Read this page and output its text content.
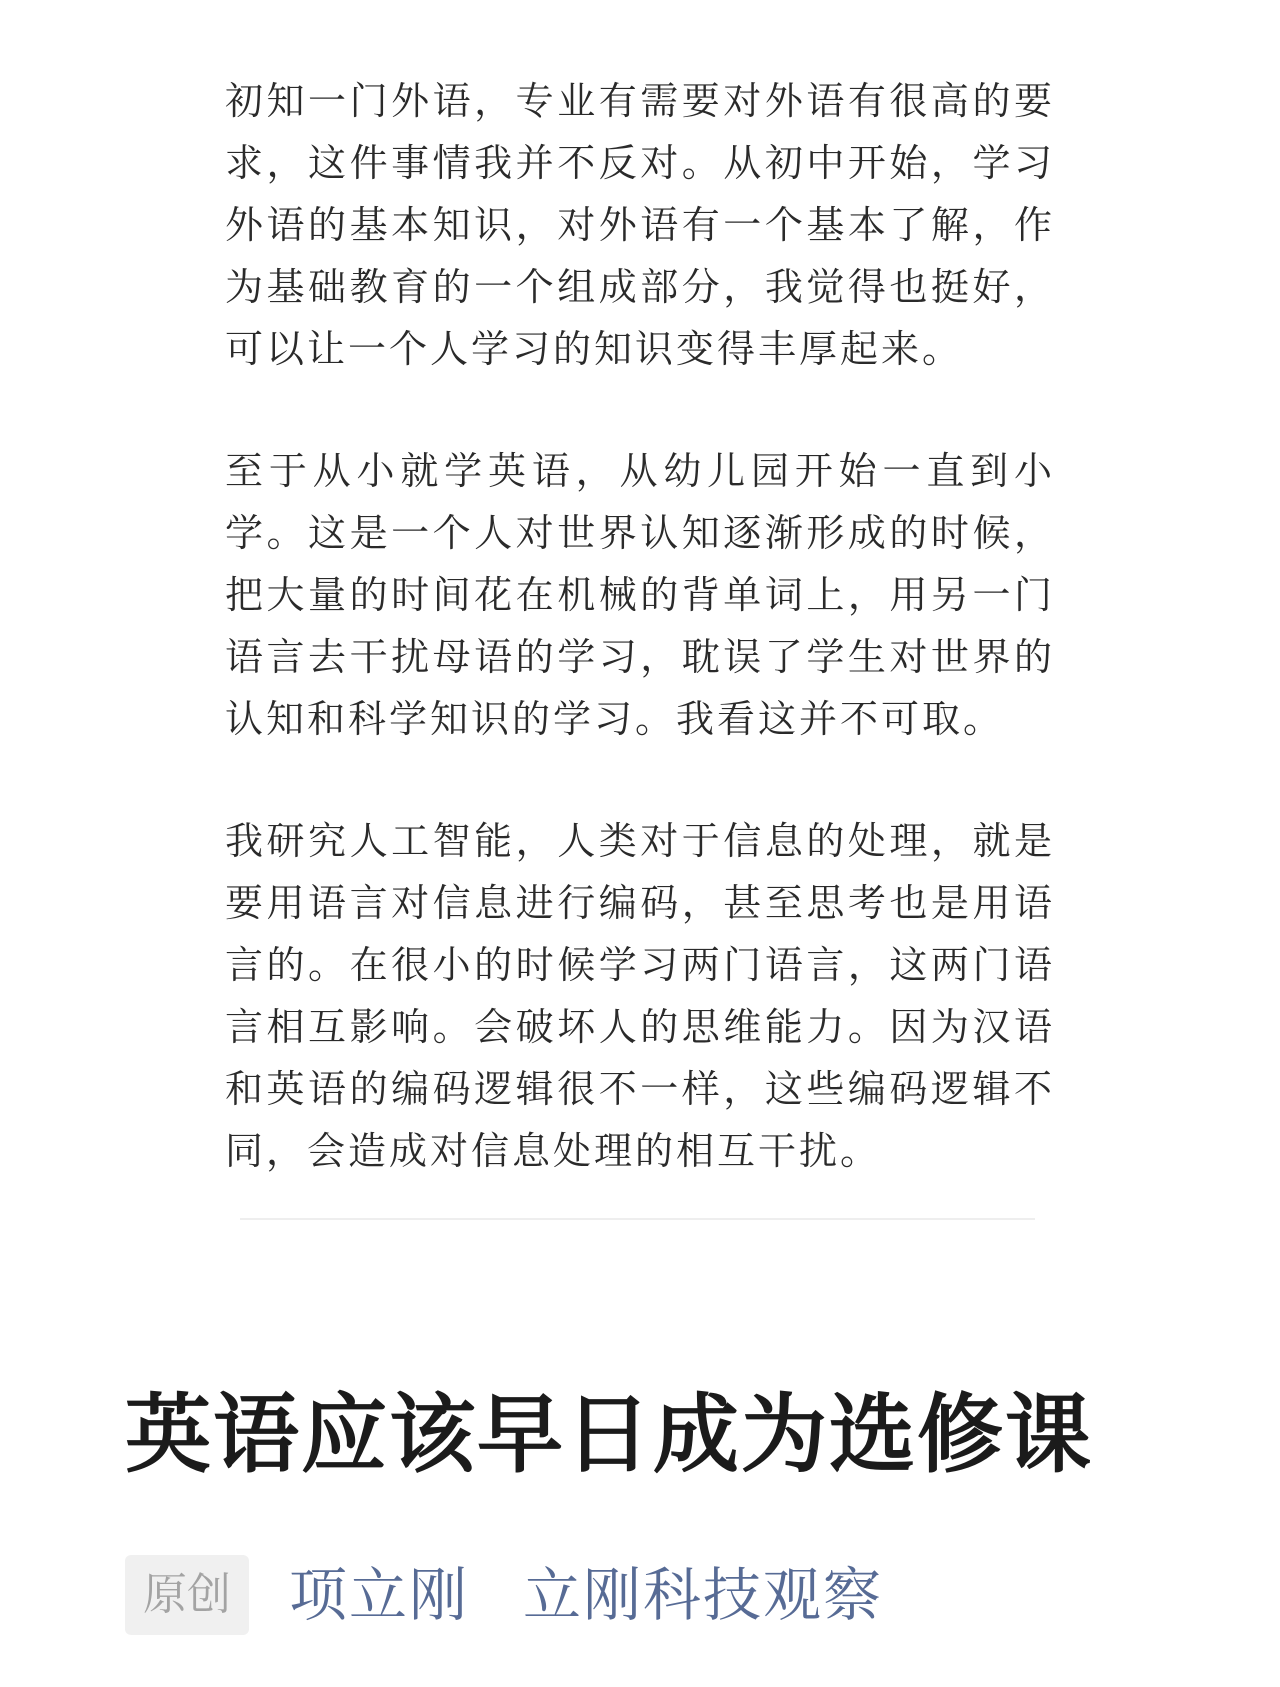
初知一门外语，专业有需要对外语有很高的要求，这件事情我并不反对。从初中开始，学习外语的基本知识，对外语有一个基本了解，作为基础教育的一个组成部分，我觉得也挺好，可以让一个人学习的知识变得丰厚起来。

至于从小就学英语，从幼儿园开始一直到小学。这是一个人对世界认知逐渐形成的时候，把大量的时间花在机械的背单词上，用另一门语言去干扰母语的学习，耽误了学生对世界的认知和科学知识的学习。我看这并不可取。

我研究人工智能，人类对于信息的处理，就是要用语言对信息进行编码，甚至思考也是用语言的。在很小的时候学习两门语言，这两门语言相互影响。会破坏人的思维能力。因为汉语和英语的编码逻辑很不一样，这些编码逻辑不同，会造成对信息处理的相互干扰。

英语应该早日成为选修课
原创	项立刚 立刚科技观察
